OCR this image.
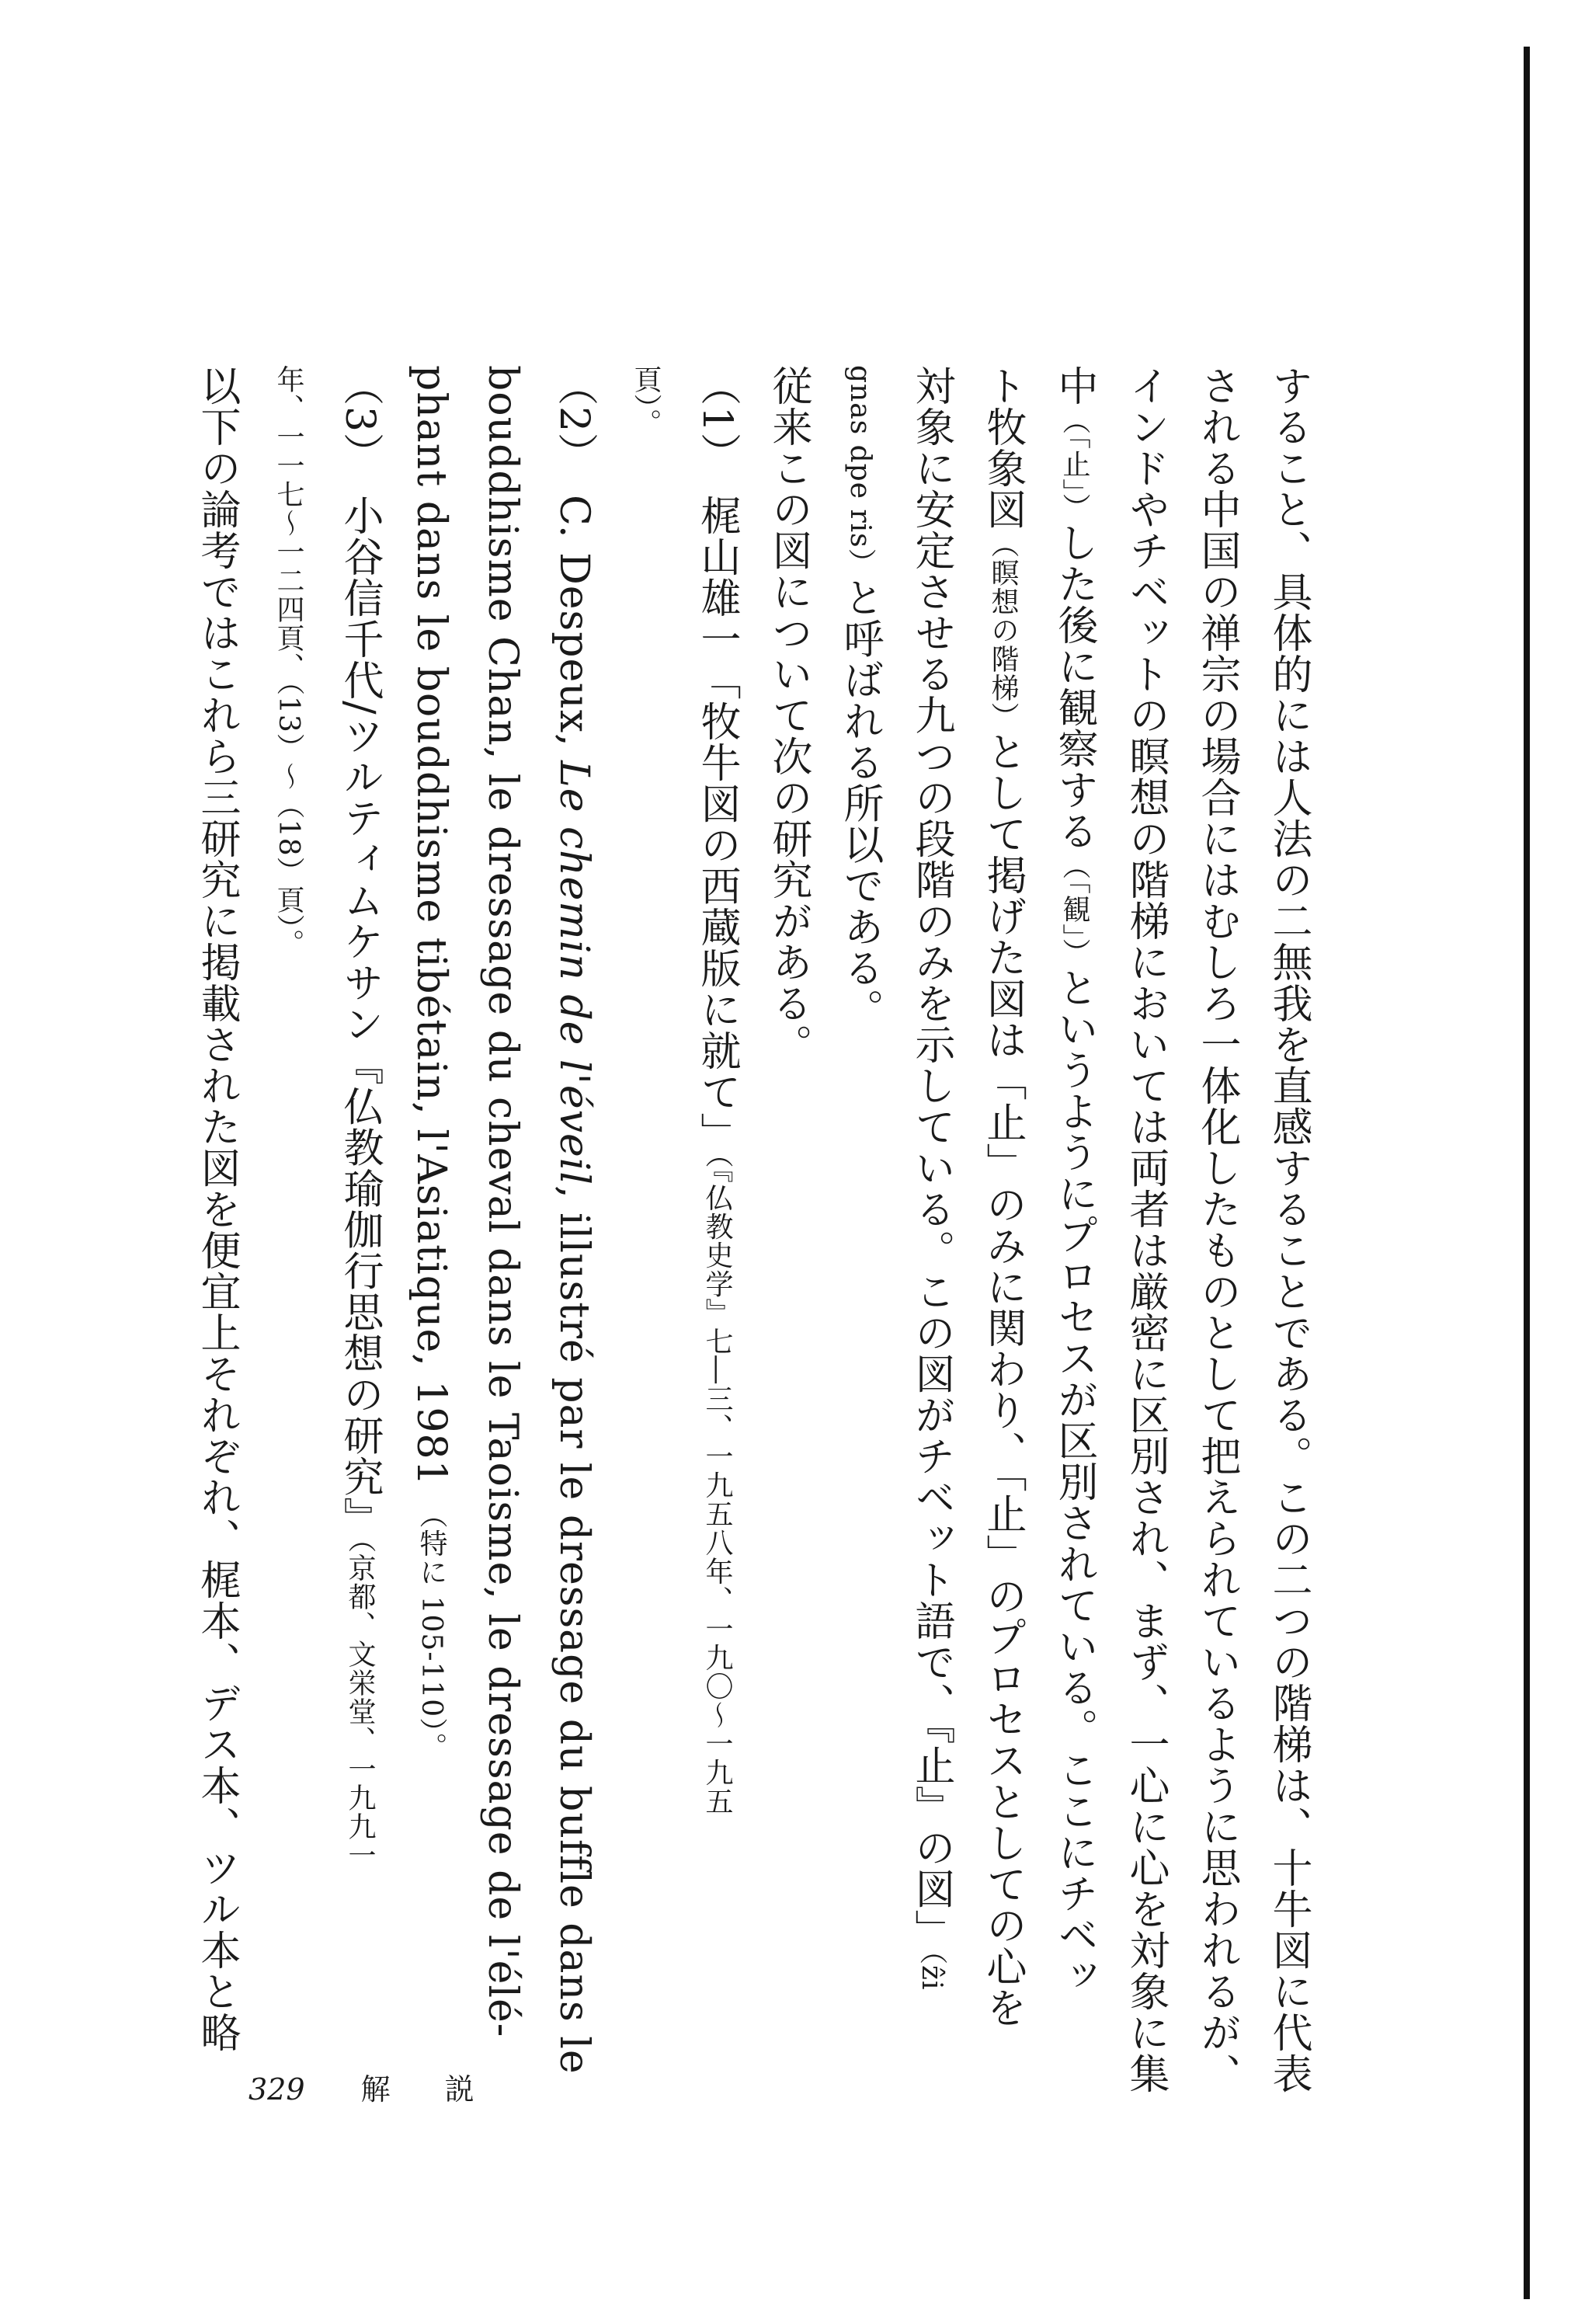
すること、具体的には人法の二無我を直感することである。この二つの階梯は、十牛図に代表
される中国の禅宗の場合にはむしろ一体化したものとして把えられているように思われるが、
インドやチベットの瞑想の階梯においては両者は厳密に区別され、まず、一心に心を対象に集
中（「止」）した後に観察する（「観」）というようにプロセスが区別されている。ここにチベッ
ト牧象図（瞑想の階梯）として掲げた図は「止」のみに関わり、「止」のプロセスとしての心を
対象に安定させる九つの段階のみを示している。この図がチベット語で、『止』の図」（ẑi
gnas dpe ris）と呼ばれる所以である。
従来この図について次の研究がある。
（1）　梶山雄一「牧牛図の西蔵版に就て」（『仏教史学』七―三、一九五八年、一九〇～一九五
頁）。
（2）　C. Despeux, Le chemin de l'éveil, illustré par le dressage du buffle dans le
bouddhisme Chan, le dressage du cheval dans le Taoisme, le dressage de l'élé-
phant dans le bouddhisme tibétain, l'Asiatique, 1981 （特に 105-110）。
（3）　小谷信千代/ツルティムケサン『仏教瑜伽行思想の研究』（京都、文栄堂、一九九一
年、一一七～一二四頁、（13）～（18）頁）。
以下の論考ではこれら三研究に掲載された図を便宜上それぞれ、梶本、デス本、ツル本と略
329 解説
